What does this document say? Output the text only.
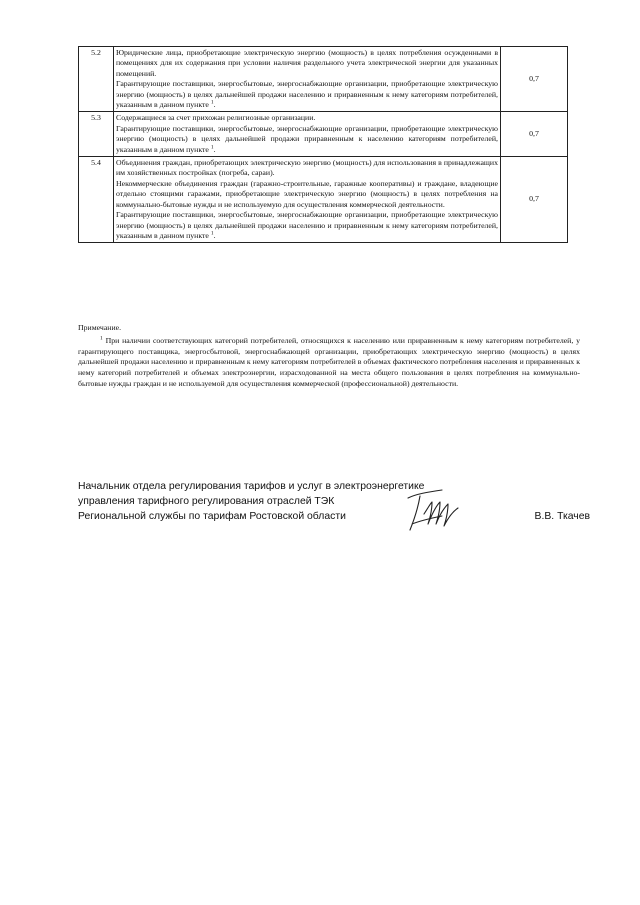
5.2	Юридические лица, приобретающие электрическую энергию (мощность) в целях потребления осужденными в помещениях для их содержания при условии наличия раздельного учета электрической энергии для указанных помещений.

Гарантирующие поставщики, энергосбытовые, энергоснабжающие организации, приобретающие электрическую энергию (мощность) в целях дальнейшей продажи населению и приравненным к нему категориям потребителей, указанным в данном пункте $^1$.	0,7
5.3	Содержащиеся за счет прихожан религиозные организации.

Гарантирующие поставщики, энергосбытовые, энергоснабжающие организации, приобретающие электрическую энергию (мощность) в целях дальнейшей продажи приравненным к населению категориям потребителей, указанным в данном пункте $^1$.	0,7
5.4	Объединения граждан, приобретающих электрическую энергию (мощность) для использования в принадлежащих им хозяйственных постройках (погреба, сараи).

Некоммерческие объединения граждан (гаражно-строительные, гаражные кооперативы) и граждане, владеющие отдельно стоящими гаражами, приобретающие электрическую энергию (мощность) в целях потребления на коммунально-бытовые нужды и не используемую для осуществления коммерческой деятельности.

Гарантирующие поставщики, энергосбытовые, энергоснабжающие организации, приобретающие электрическую энергию (мощность) в целях дальнейшей продажи населению и приравненным к нему категориям потребителей, указанным в данном пункте $^1$.	0,7
Примечание.

$^1$ При наличии соответствующих категорий потребителей, относящихся к населению или приравненным к нему категориям потребителей, у гарантирующего поставщика, энергосбытовой, энергоснабжающей организации, приобретающих электрическую энергию (мощность) в целях дальнейшей продажи населению и приравненным к нему категориям потребителей в объемах фактического потребления населения и приравненных к нему категорий потребителей и объемах электроэнергии, израсходованной на места общего пользования в целях потребления на коммунально-бытовые нужды граждан и не используемой для осуществления коммерческой (профессиональной) деятельности.

Начальник отдела регулирования тарифов и услуг в электроэнергетике
управления тарифного регулирования отраслей ТЭК
Региональной службы по тарифам Ростовской области	В.В. Ткачев
